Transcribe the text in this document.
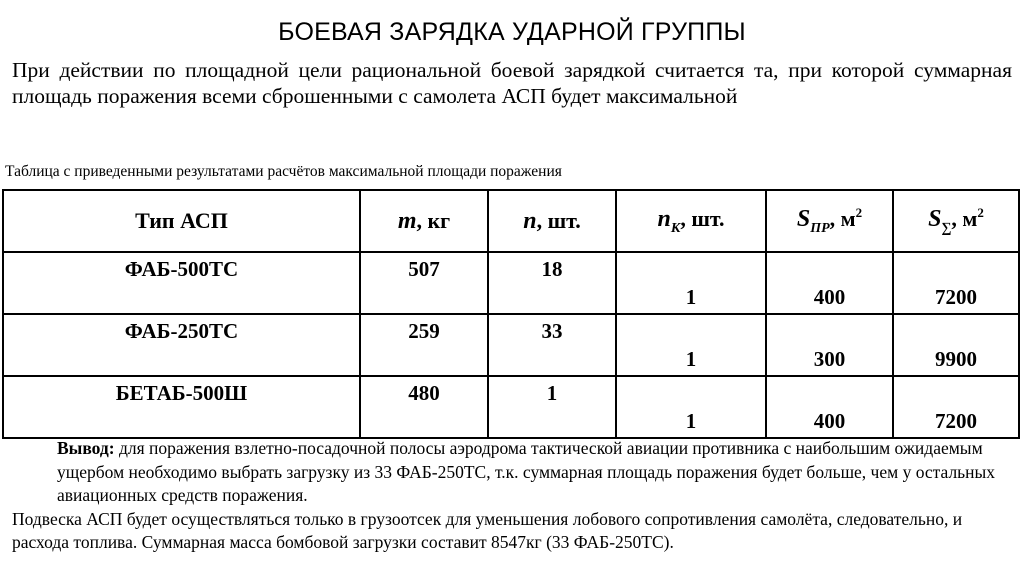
БОЕВАЯ ЗАРЯДКА УДАРНОЙ ГРУППЫ
При действии по площадной цели рациональной боевой зарядкой считается та, при которой суммарная площадь поражения всеми сброшенными с самолета АСП будет максимальной
Таблица с приведенными результатами расчётов максимальной площади поражения
Тип АСП	m, кг	n, шт.	$n_К$, шт.	$S_{ПР}$, $м^2$	$S_\sum$, $м^2$
ФАБ-500ТС	507	18	1	400	7200
ФАБ-250ТС	259	33	1	300	9900
БЕТАБ-500Ш	480	1	1	400	7200
Вывод: для поражения взлетно-посадочной полосы аэродрома тактической авиации противника с наибольшим ожидаемым ущербом необходимо выбрать загрузку из 33 ФАБ-250ТС, т.к. суммарная площадь поражения будет больше, чем у остальных авиационных средств поражения.
Подвеска АСП будет осуществляться только в грузоотсек для уменьшения лобового сопротивления самолёта, следовательно, и расхода топлива. Суммарная масса бомбовой загрузки составит 8547кг (33 ФАБ-250ТС).
